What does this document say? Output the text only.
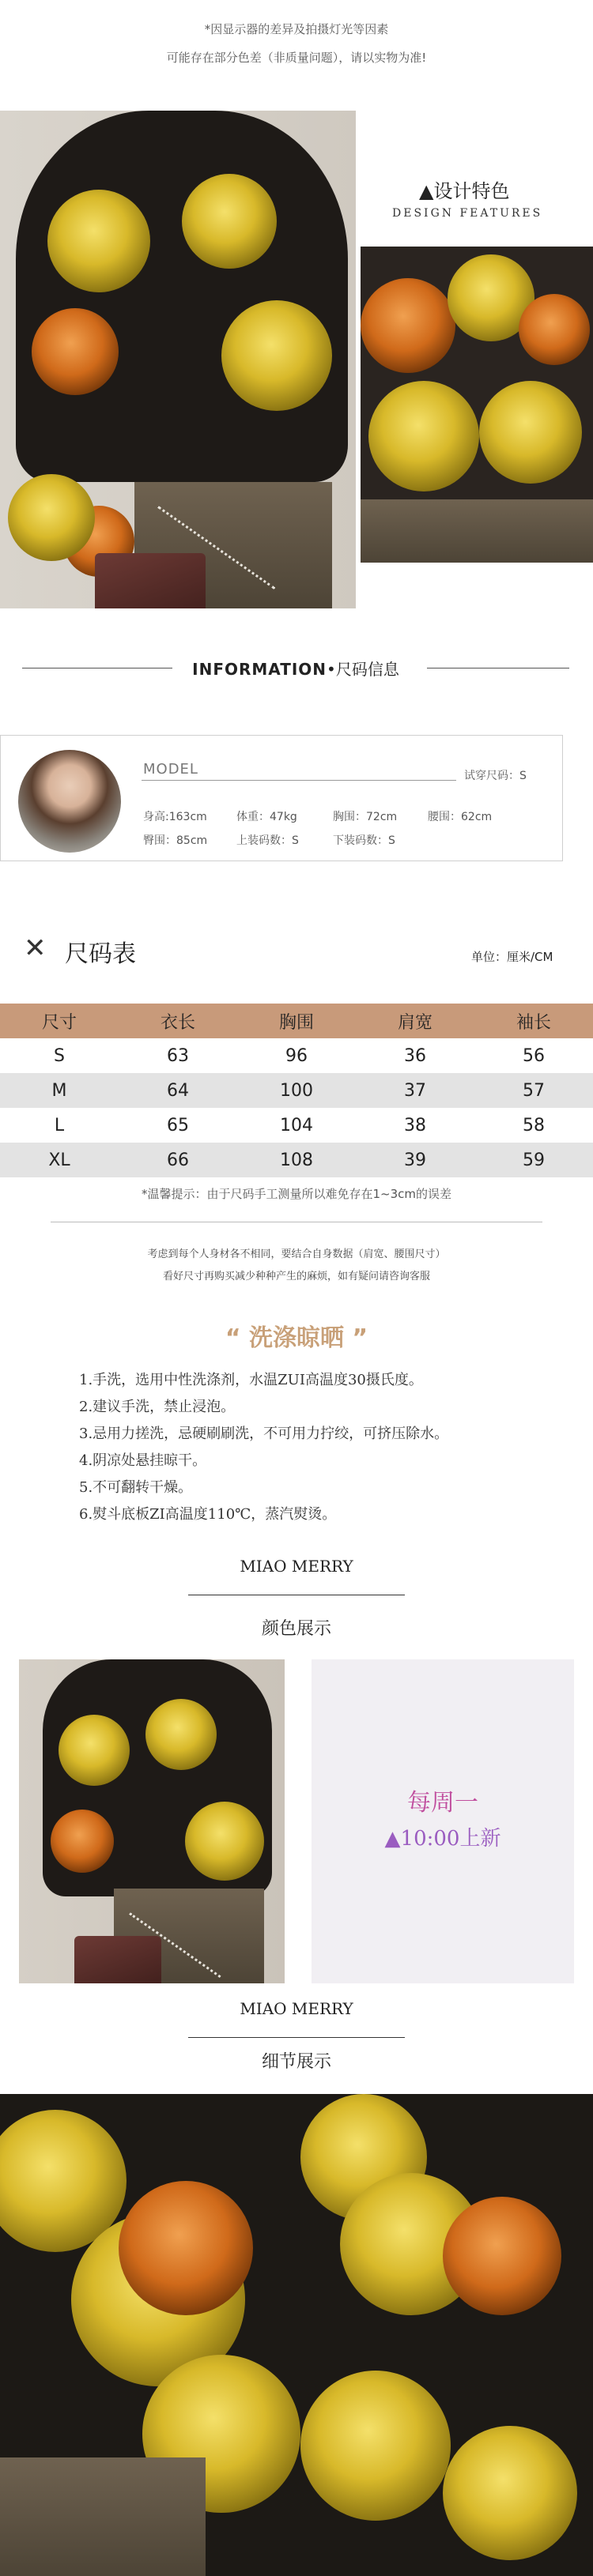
*因显示器的差异及拍摄灯光等因素
可能存在部分色差（非质量问题），请以实物为准!
▲设计特色
DESIGN FEATURES
INFORMATION•尺码信息
MODEL	试穿尺码：S
身高:163cm	体重：47kg	胸围：72cm	腰围：62cm
臀围：85cm	上装码数：S	下装码数：S
✕ 尺码表	单位：厘米/CM
尺寸	衣长	胸围	肩宽	袖长
S	63	96	36	56
M	64	100	37	57
L	65	104	38	58
XL	66	108	39	59
*温馨提示：由于尺码手工测量所以难免存在1~3cm的误差
考虑到每个人身材各不相同，要结合自身数据（肩宽、腰围尺寸）
看好尺寸再购买减少种种产生的麻烦，如有疑问请咨询客服
“ 洗涤晾晒 ”
1.手洗，选用中性洗涤剂，水温ZUI高温度30摄氏度。
2.建议手洗，禁止浸泡。
3.忌用力搓洗，忌硬刷刷洗，不可用力拧绞，可挤压除水。
4.阴凉处悬挂晾干。
5.不可翻转干燥。
6.熨斗底板ZI高温度110℃，蒸汽熨烫。
MIAO MERRY
颜色展示
每周一
▲10:00上新
MIAO MERRY
细节展示
